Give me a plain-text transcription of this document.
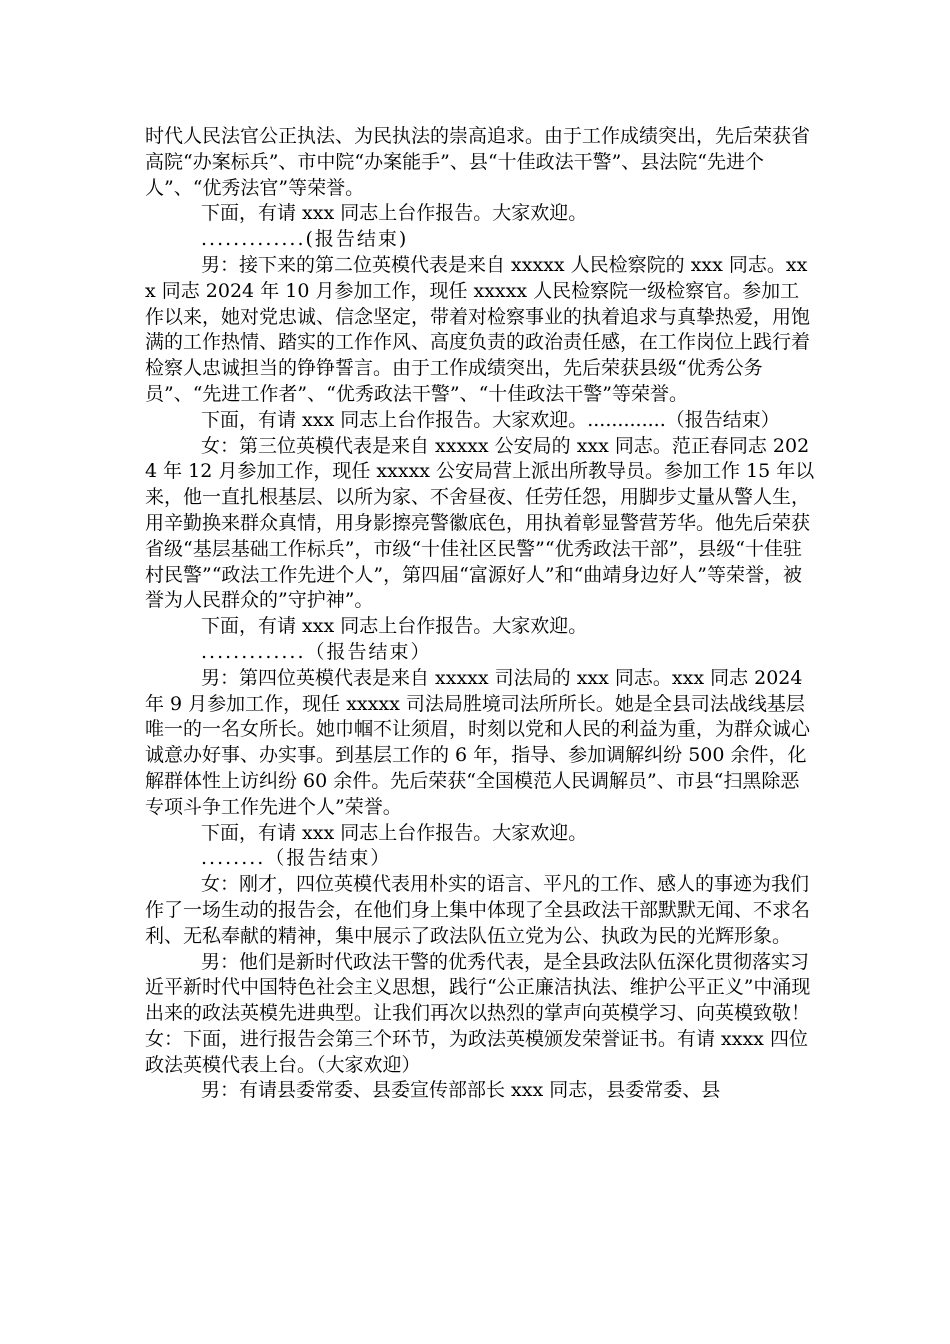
时代人民法官公正执法、为民执法的崇高追求。由于工作成绩突出，先后荣获省高院“办案标兵”、市中院“办案能手”、县“十佳政法干警”、县法院“先进个人”、“优秀法官”等荣誉。

下面，有请 xxx 同志上台作报告。大家欢迎。

.............(报告结束)

男：接下来的第二位英模代表是来自 xxxxx 人民检察院的 xxx 同志。xxx 同志 2024 年 10 月参加工作，现任 xxxxx 人民检察院一级检察官。参加工作以来，她对党忠诚、信念坚定，带着对检察事业的执着追求与真挚热爱，用饱满的工作热情、踏实的工作作风、高度负责的政治责任感，在工作岗位上践行着检察人忠诚担当的铮铮誓言。由于工作成绩突出，先后荣获县级“优秀公务员”、“先进工作者”、“优秀政法干警”、“十佳政法干警”等荣誉。

下面，有请 xxx 同志上台作报告。大家欢迎。.............（报告结束）

女：第三位英模代表是来自 xxxxx 公安局的 xxx 同志。范正春同志 2024 年 12 月参加工作，现任 xxxxx 公安局营上派出所教导员。参加工作 15 年以来，他一直扎根基层、以所为家、不舍昼夜、任劳任怨，用脚步丈量从警人生，用辛勤换来群众真情，用身影擦亮警徽底色，用执着彰显警营芳华。他先后荣获省级“基层基础工作标兵”，市级“十佳社区民警”“优秀政法干部”，县级“十佳驻村民警”“政法工作先进个人”，第四届“富源好人”和“曲靖身边好人”等荣誉，被誉为人民群众的”守护神”。

下面，有请 xxx 同志上台作报告。大家欢迎。

.............（报告结束）

男：第四位英模代表是来自 xxxxx 司法局的 xxx 同志。xxx 同志 2024 年 9 月参加工作，现任 xxxxx 司法局胜境司法所所长。她是全县司法战线基层唯一的一名女所长。她巾帼不让须眉，时刻以党和人民的利益为重，为群众诚心诚意办好事、办实事。到基层工作的 6 年，指导、参加调解纠纷 500 余件，化解群体性上访纠纷 60 余件。先后荣获“全国模范人民调解员”、市县“扫黑除恶专项斗争工作先进个人”荣誉。

下面，有请 xxx 同志上台作报告。大家欢迎。

........（报告结束）

女：刚才，四位英模代表用朴实的语言、平凡的工作、感人的事迹为我们作了一场生动的报告会，在他们身上集中体现了全县政法干部默默无闻、不求名利、无私奉献的精神，集中展示了政法队伍立党为公、执政为民的光辉形象。

男：他们是新时代政法干警的优秀代表，是全县政法队伍深化贯彻落实习近平新时代中国特色社会主义思想，践行“公正廉洁执法、维护公平正义”中涌现出来的政法英模先进典型。让我们再次以热烈的掌声向英模学习、向英模致敬！女：下面，进行报告会第三个环节，为政法英模颁发荣誉证书。有请 xxxx 四位政法英模代表上台。（大家欢迎）

男：有请县委常委、县委宣传部部长 xxx 同志，县委常委、县
